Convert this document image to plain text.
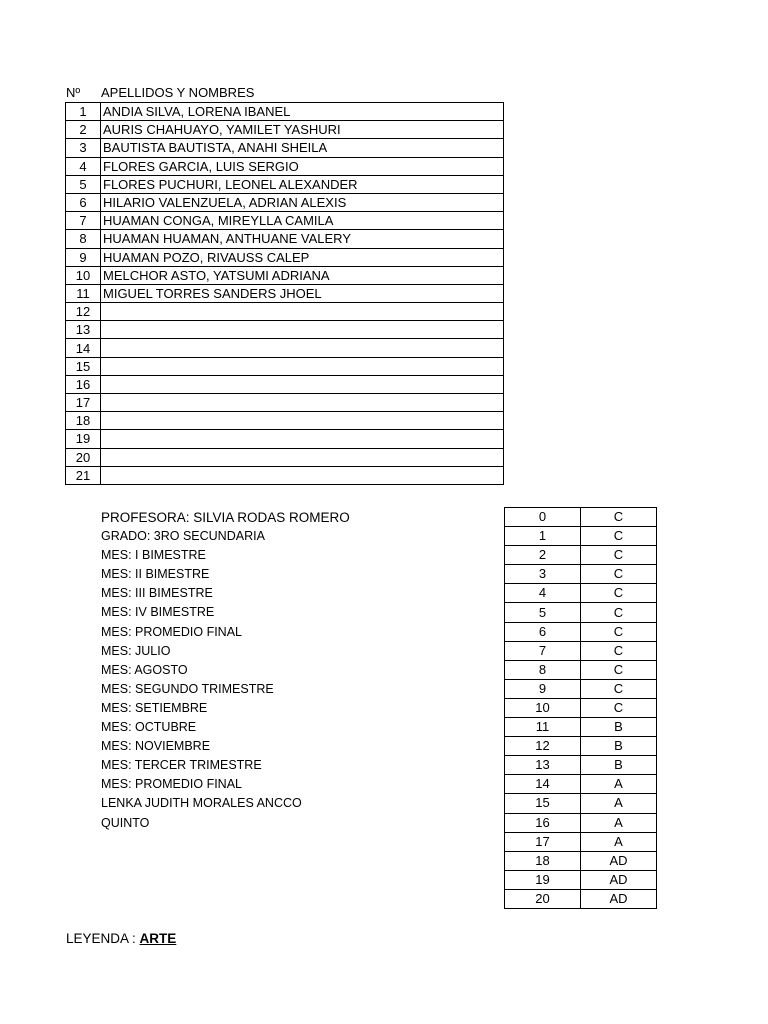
Nº APELLIDOS Y NOMBRES
1	ANDIA SILVA, LORENA IBANEL
2	AURIS CHAHUAYO, YAMILET YASHURI
3	BAUTISTA BAUTISTA, ANAHI SHEILA
4	FLORES GARCIA, LUIS SERGIO
5	FLORES PUCHURI, LEONEL ALEXANDER
6	HILARIO VALENZUELA, ADRIAN ALEXIS
7	HUAMAN CONGA, MIREYLLA CAMILA
8	HUAMAN HUAMAN, ANTHUANE VALERY
9	HUAMAN POZO, RIVAUSS CALEP
10	MELCHOR ASTO, YATSUMI ADRIANA
11	MIGUEL TORRES SANDERS JHOEL
12	
13	
14	
15	
16	
17	
18	
19	
20	
21	
PROFESORA: SILVIA RODAS ROMERO
GRADO: 3RO SECUNDARIA
MES: I BIMESTRE
MES: II BIMESTRE
MES: III BIMESTRE
MES: IV BIMESTRE
MES: PROMEDIO FINAL
MES: JULIO
MES: AGOSTO
MES: SEGUNDO TRIMESTRE
MES: SETIEMBRE
MES: OCTUBRE
MES: NOVIEMBRE
MES: TERCER TRIMESTRE
MES: PROMEDIO FINAL
LENKA JUDITH MORALES ANCCO
QUINTO
0	C
1	C
2	C
3	C
4	C
5	C
6	C
7	C
8	C
9	C
10	C
11	B
12	B
13	B
14	A
15	A
16	A
17	A
18	AD
19	AD
20	AD
LEYENDA : ARTE
